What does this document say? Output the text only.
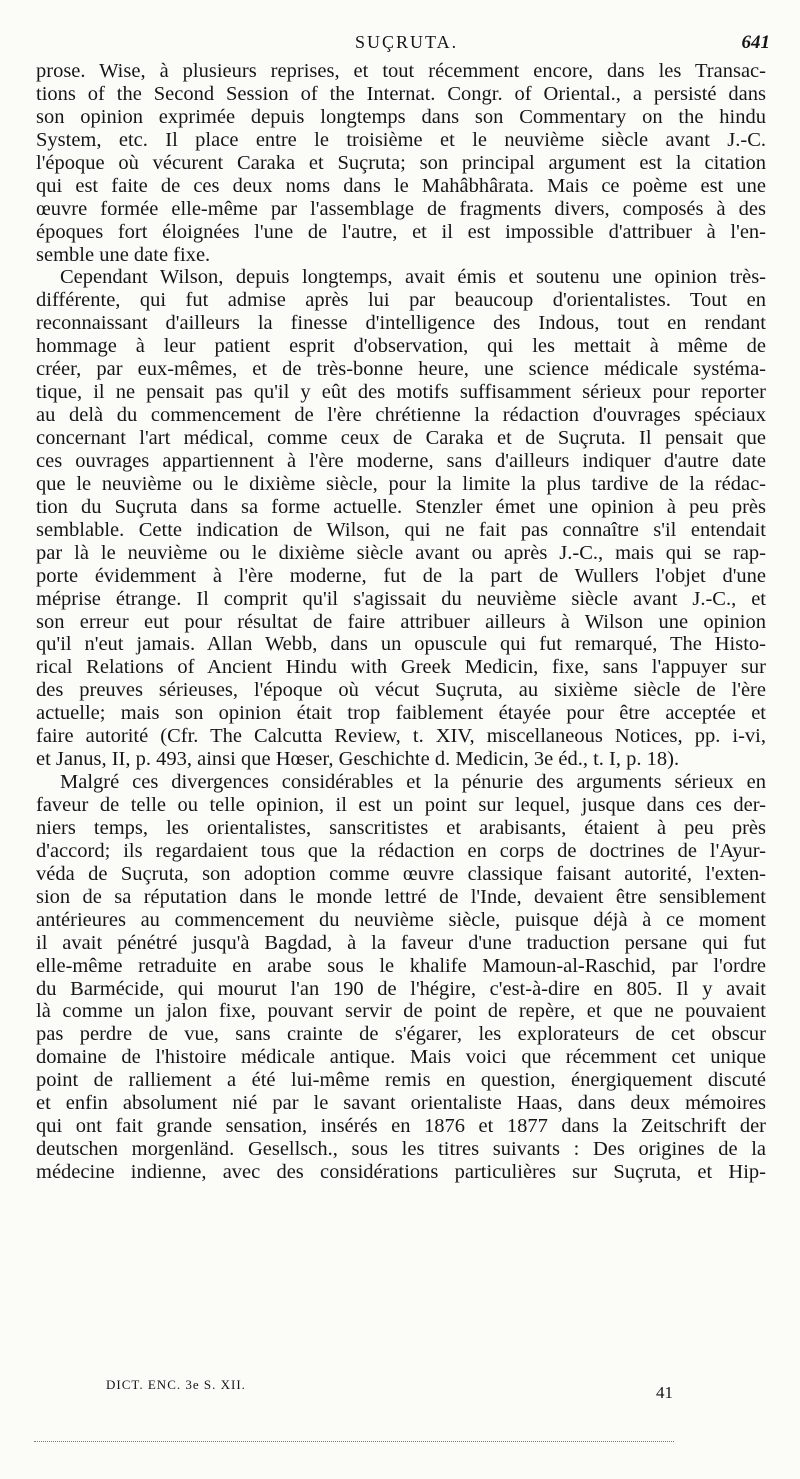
SUÇRUTA.	641
prose. Wise, à plusieurs reprises, et tout récemment encore, dans les Transac-
tions of the Second Session of the Internat. Congr. of Oriental., a persisté dans
son opinion exprimée depuis longtemps dans son Commentary on the hindu
System, etc. Il place entre le troisième et le neuvième siècle avant J.-C.
l'époque où vécurent Caraka et Suçruta; son principal argument est la citation
qui est faite de ces deux noms dans le Mahâbhârata. Mais ce poème est une
œuvre formée elle-même par l'assemblage de fragments divers, composés à des
époques fort éloignées l'une de l'autre, et il est impossible d'attribuer à l'en-
semble une date fixe.
Cependant Wilson, depuis longtemps, avait émis et soutenu une opinion très-
différente, qui fut admise après lui par beaucoup d'orientalistes. Tout en
reconnaissant d'ailleurs la finesse d'intelligence des Indous, tout en rendant
hommage à leur patient esprit d'observation, qui les mettait à même de
créer, par eux-mêmes, et de très-bonne heure, une science médicale systéma-
tique, il ne pensait pas qu'il y eût des motifs suffisamment sérieux pour reporter
au delà du commencement de l'ère chrétienne la rédaction d'ouvrages spéciaux
concernant l'art médical, comme ceux de Caraka et de Suçruta. Il pensait que
ces ouvrages appartiennent à l'ère moderne, sans d'ailleurs indiquer d'autre date
que le neuvième ou le dixième siècle, pour la limite la plus tardive de la rédac-
tion du Suçruta dans sa forme actuelle. Stenzler émet une opinion à peu près
semblable. Cette indication de Wilson, qui ne fait pas connaître s'il entendait
par là le neuvième ou le dixième siècle avant ou après J.-C., mais qui se rap-
porte évidemment à l'ère moderne, fut de la part de Wullers l'objet d'une
méprise étrange. Il comprit qu'il s'agissait du neuvième siècle avant J.-C., et
son erreur eut pour résultat de faire attribuer ailleurs à Wilson une opinion
qu'il n'eut jamais. Allan Webb, dans un opuscule qui fut remarqué, The Histo-
rical Relations of Ancient Hindu with Greek Medicin, fixe, sans l'appuyer sur
des preuves sérieuses, l'époque où vécut Suçruta, au sixième siècle de l'ère
actuelle; mais son opinion était trop faiblement étayée pour être acceptée et
faire autorité (Cfr. The Calcutta Review, t. XIV, miscellaneous Notices, pp. i-vi,
et Janus, II, p. 493, ainsi que Hœser, Geschichte d. Medicin, 3e éd., t. I, p. 18).
Malgré ces divergences considérables et la pénurie des arguments sérieux en
faveur de telle ou telle opinion, il est un point sur lequel, jusque dans ces der-
niers temps, les orientalistes, sanscritistes et arabisants, étaient à peu près
d'accord; ils regardaient tous que la rédaction en corps de doctrines de l'Ayur-
véda de Suçruta, son adoption comme œuvre classique faisant autorité, l'exten-
sion de sa réputation dans le monde lettré de l'Inde, devaient être sensiblement
antérieures au commencement du neuvième siècle, puisque déjà à ce moment
il avait pénétré jusqu'à Bagdad, à la faveur d'une traduction persane qui fut
elle-même retraduite en arabe sous le khalife Mamoun-al-Raschid, par l'ordre
du Barmécide, qui mourut l'an 190 de l'hégire, c'est-à-dire en 805. Il y avait
là comme un jalon fixe, pouvant servir de point de repère, et que ne pouvaient
pas perdre de vue, sans crainte de s'égarer, les explorateurs de cet obscur
domaine de l'histoire médicale antique. Mais voici que récemment cet unique
point de ralliement a été lui-même remis en question, énergiquement discuté
et enfin absolument nié par le savant orientaliste Haas, dans deux mémoires
qui ont fait grande sensation, insérés en 1876 et 1877 dans la Zeitschrift der
deutschen morgenländ. Gesellsch., sous les titres suivants : Des origines de la
médecine indienne, avec des considérations particulières sur Suçruta, et Hip-
DICT. ENC. 3e S. XII.	41
